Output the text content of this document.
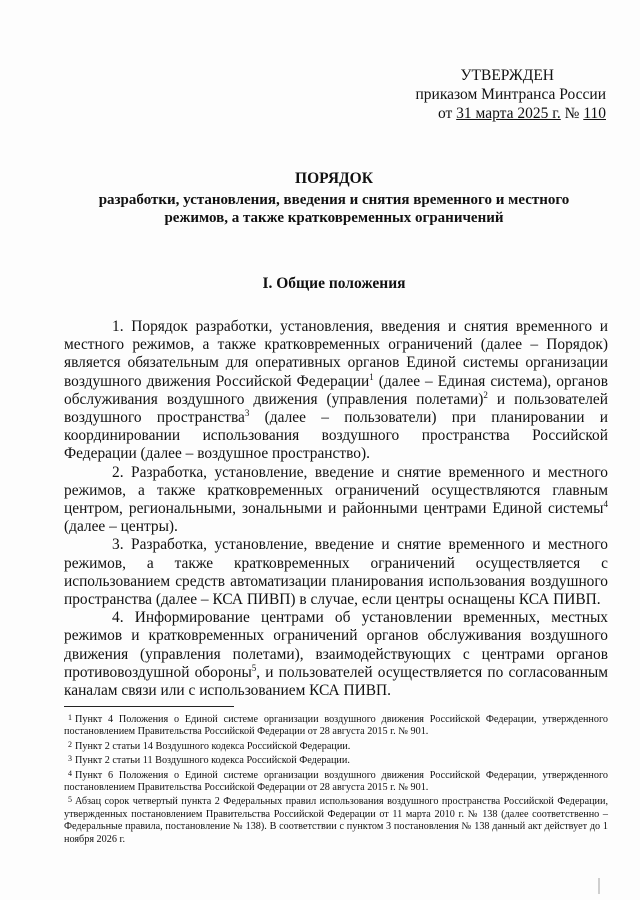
УТВЕРЖДЕН
приказом Минтранса России
от 31 марта 2025 г. № 110
ПОРЯДОК
разработки, установления, введения и снятия временного и местного
режимов, а также кратковременных ограничений
I. Общие положения

1. Порядок разработки, установления, введения и снятия временного и местного режимов, а также кратковременных ограничений (далее – Порядок) является обязательным для оперативных органов Единой системы организации воздушного движения Российской Федерации$^1$ (далее – Единая система), органов обслуживания воздушного движения (управления полетами)$^2$ и пользователей воздушного пространства$^3$ (далее – пользователи) при планировании и координировании использования воздушного пространства Российской Федерации (далее – воздушное пространство).

2. Разработка, установление, введение и снятие временного и местного режимов, а также кратковременных ограничений осуществляются главным центром, региональными, зональными и районными центрами Единой системы$^4$ (далее – центры).

3. Разработка, установление, введение и снятие временного и местного режимов, а также кратковременных ограничений осуществляется с использованием средств автоматизации планирования использования воздушного пространства (далее – КСА ПИВП) в случае, если центры оснащены КСА ПИВП.

4. Информирование центрами об установлении временных, местных режимов и кратковременных ограничений органов обслуживания воздушного движения (управления полетами), взаимодействующих с центрами органов противовоздушной обороны$^5$, и пользователей осуществляется по согласованным каналам связи или с использованием КСА ПИВП.

1 Пункт 4 Положения о Единой системе организации воздушного движения Российской Федерации, утвержденного постановлением Правительства Российской Федерации от 28 августа 2015 г. № 901.

2 Пункт 2 статьи 14 Воздушного кодекса Российской Федерации.

3 Пункт 2 статьи 11 Воздушного кодекса Российской Федерации.

4 Пункт 6 Положения о Единой системе организации воздушного движения Российской Федерации, утвержденного постановлением Правительства Российской Федерации от 28 августа 2015 г. № 901.

5 Абзац сорок четвертый пункта 2 Федеральных правил использования воздушного пространства Российской Федерации, утвержденных постановлением Правительства Российской Федерации от 11 марта 2010 г. № 138 (далее соответственно – Федеральные правила, постановление № 138). В соответствии с пунктом 3 постановления № 138 данный акт действует до 1 ноября 2026 г.
